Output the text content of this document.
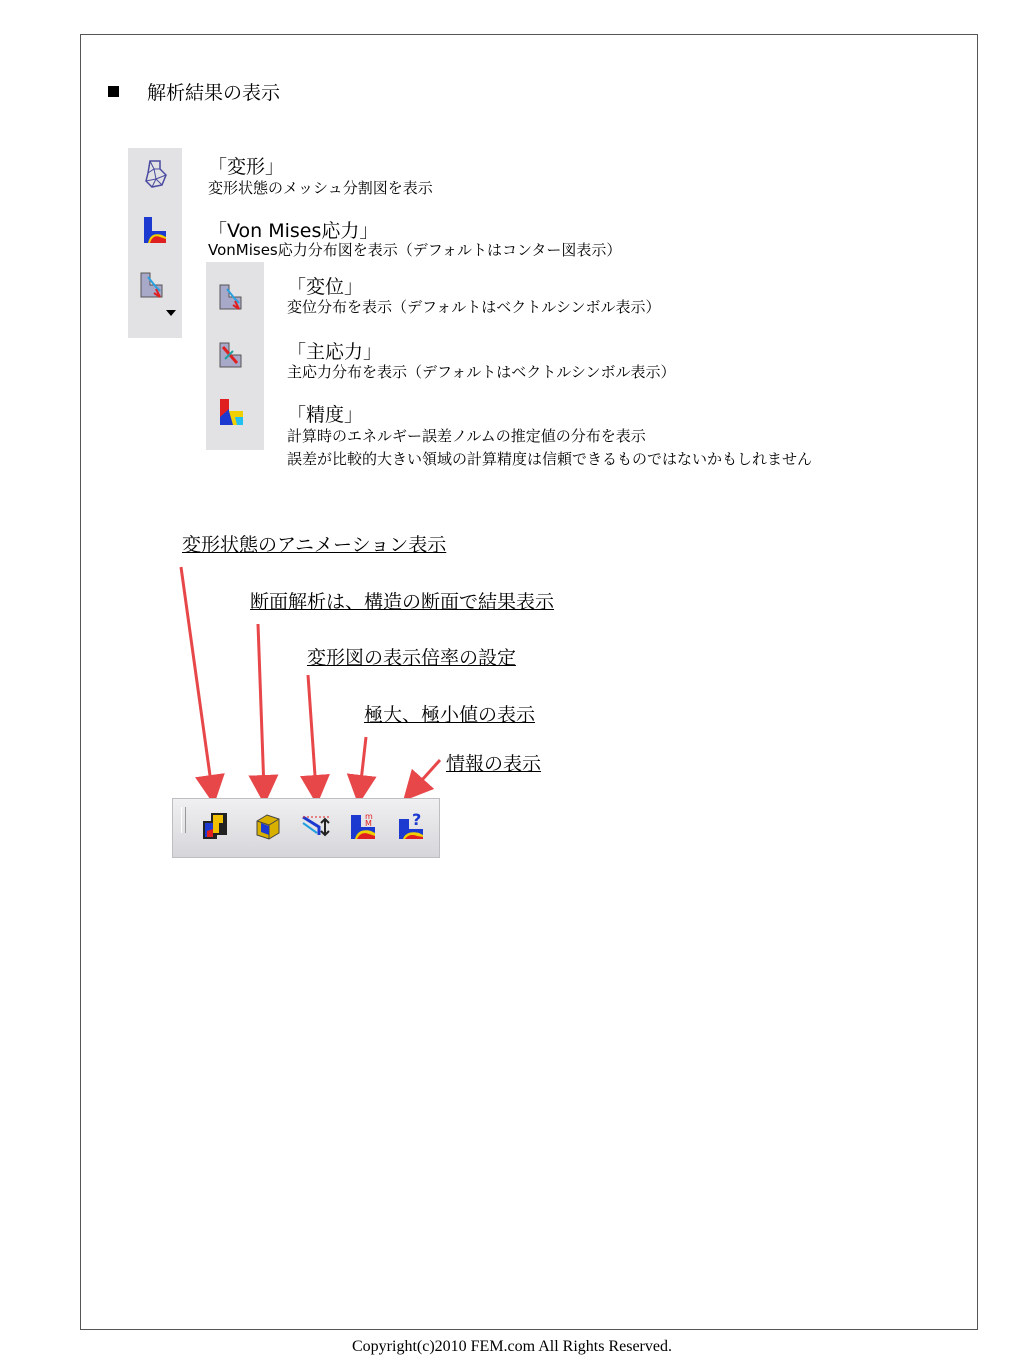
解析結果の表示
「変形」
変形状態のメッシュ分割図を表示
「Von Mises応力」
VonMises応力分布図を表示（デフォルトはコンター図表示）
「変位」
変位分布を表示（デフォルトはベクトルシンボル表示）
「主応力」
主応力分布を表示（デフォルトはベクトルシンボル表示）
「精度」
計算時のエネルギー誤差ノルムの推定値の分布を表示
誤差が比較的大きい領域の計算精度は信頼できるものではないかもしれません
変形状態のアニメーション表示
断面解析は、構造の断面で結果表示
変形図の表示倍率の設定
極大、極小値の表示
情報の表示
m
M	?
Copyright(c)2010 FEM.com All Rights Reserved.
